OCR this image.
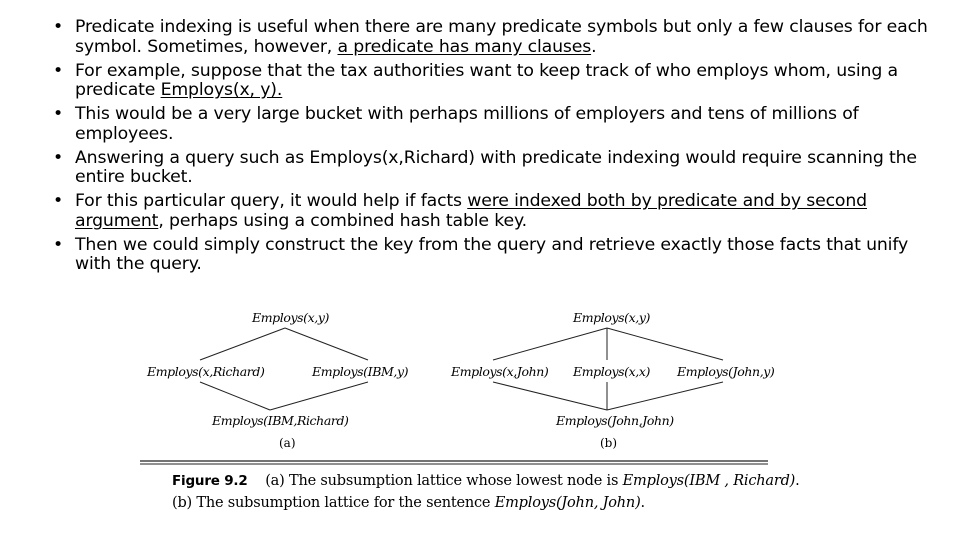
• Predicate indexing is useful when there are many predicate symbols but only a few clauses for each symbol. Sometimes, however, a predicate has many clauses.
• For example, suppose that the tax authorities want to keep track of who employs whom, using a predicate Employs(x, y).
• This would be a very large bucket with perhaps millions of employers and tens of millions of employees.
• Answering a query such as Employs(x,Richard) with predicate indexing would require scanning the entire bucket.
• For this particular query, it would help if facts were indexed both by predicate and by second argument, perhaps using a combined hash table key.
• Then we could simply construct the key from the query and retrieve exactly those facts that unify with the query.
Employs(x,y)
Employs(x,Richard)	Employs(IBM,y)
Employs(IBM,Richard)
(a)
Employs(x,y)
Employs(x,John) Employs(x,x) Employs(John,y)
Employs(John,John)
(b)
Figure 9.2 (a) The subsumption lattice whose lowest node is Employs(IBM , Richard).
(b) The subsumption lattice for the sentence Employs(John, John).
